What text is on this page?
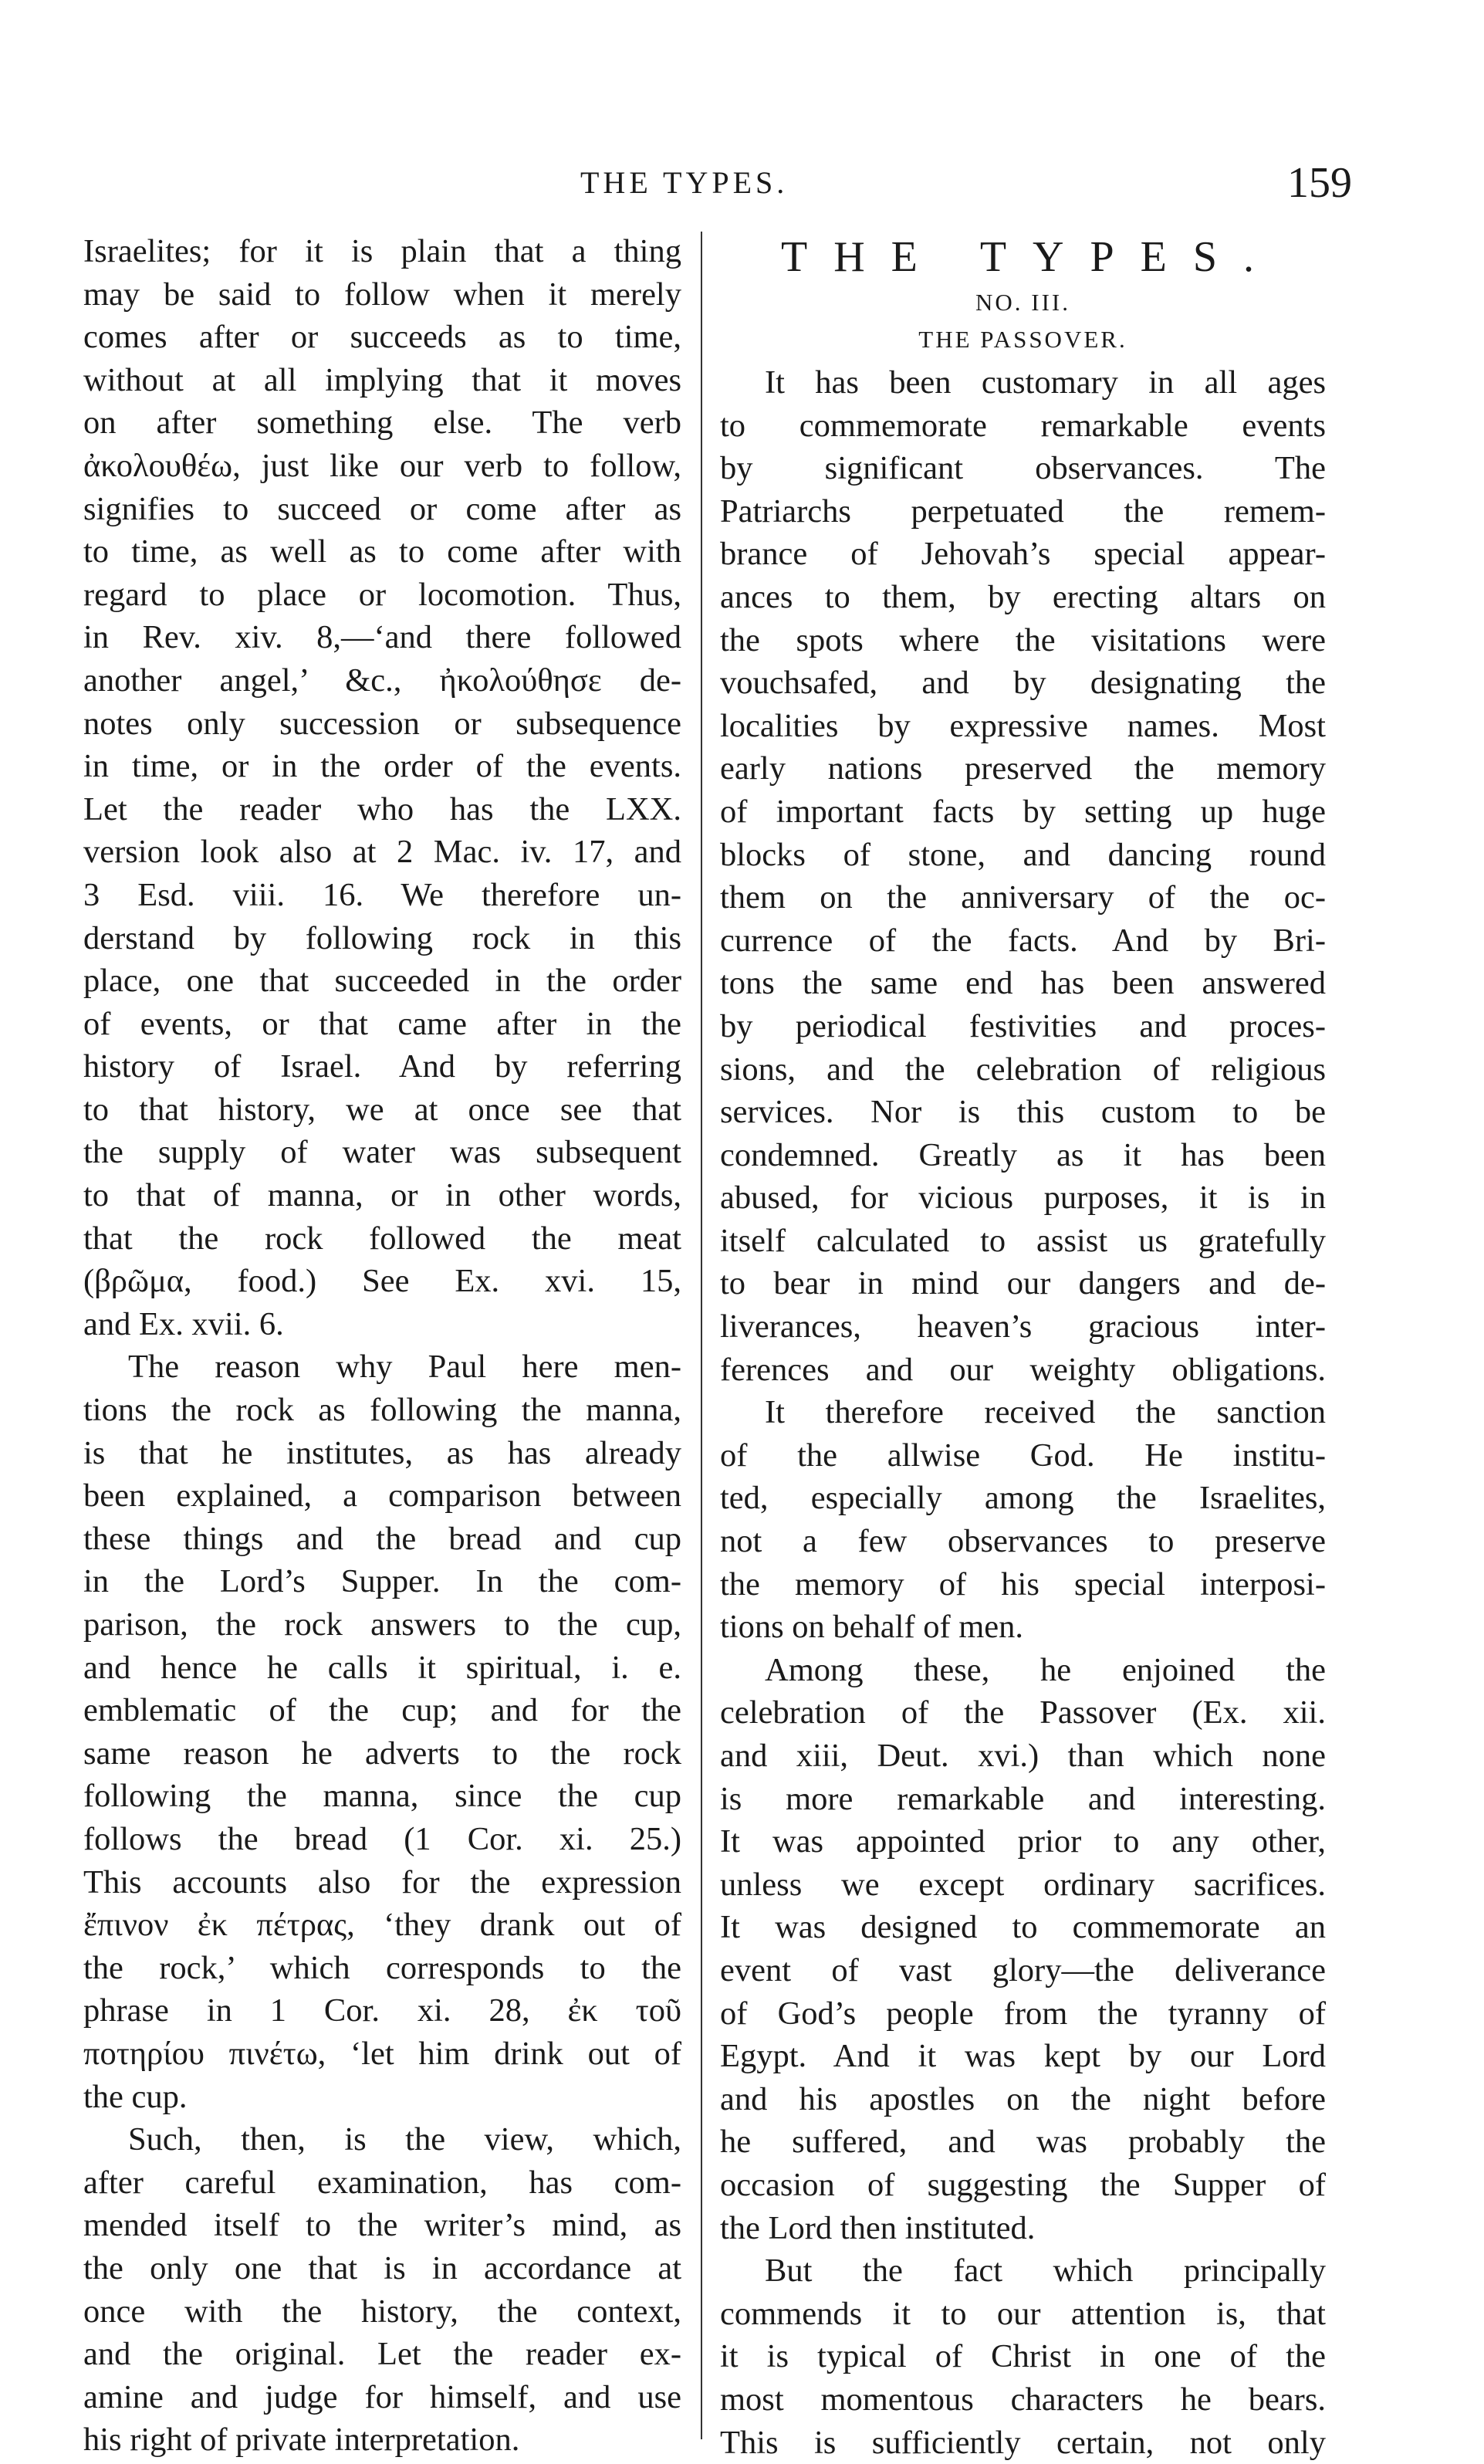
THE TYPES.	159
Israelites; for it is plain that a thing
may be said to follow when it merely
comes after or succeeds as to time,
without at all implying that it moves
on after something else. The verb
ἀκολουθέω, just like our verb to follow,
signifies to succeed or come after as
to time, as well as to come after with
regard to place or locomotion. Thus,
in Rev. xiv. 8,—‘and there followed
another angel,’ &c., ἠκολούθησε de-
notes only succession or subsequence
in time, or in the order of the events.
Let the reader who has the LXX.
version look also at 2 Mac. iv. 17, and
3 Esd. viii. 16. We therefore un-
derstand by following rock in this
place, one that succeeded in the order
of events, or that came after in the
history of Israel. And by referring
to that history, we at once see that
the supply of water was subsequent
to that of manna, or in other words,
that the rock followed the meat
(βρῶμα, food.) See Ex. xvi. 15,
and Ex. xvii. 6.
The reason why Paul here men-
tions the rock as following the manna,
is that he institutes, as has already
been explained, a comparison between
these things and the bread and cup
in the Lord’s Supper. In the com-
parison, the rock answers to the cup,
and hence he calls it spiritual, i. e.
emblematic of the cup; and for the
same reason he adverts to the rock
following the manna, since the cup
follows the bread (1 Cor. xi. 25.)
This accounts also for the expression
ἔπινον ἐκ πέτρας, ‘they drank out of
the rock,’ which corresponds to the
phrase in 1 Cor. xi. 28, ἐκ τοῦ
ποτηρίου πινέτω, ‘let him drink out of
the cup.
Such, then, is the view, which,
after careful examination, has com-
mended itself to the writer’s mind, as
the only one that is in accordance at
once with the history, the context,
and the original. Let the reader ex-
amine and judge for himself, and use
his right of private interpretation.
THE TYPES.
NO. III.
THE PASSOVER.
It has been customary in all ages
to commemorate remarkable events
by significant observances. The
Patriarchs perpetuated the remem-
brance of Jehovah’s special appear-
ances to them, by erecting altars on
the spots where the visitations were
vouchsafed, and by designating the
localities by expressive names. Most
early nations preserved the memory
of important facts by setting up huge
blocks of stone, and dancing round
them on the anniversary of the oc-
currence of the facts. And by Bri-
tons the same end has been answered
by periodical festivities and proces-
sions, and the celebration of religious
services. Nor is this custom to be
condemned. Greatly as it has been
abused, for vicious purposes, it is in
itself calculated to assist us gratefully
to bear in mind our dangers and de-
liverances, heaven’s gracious inter-
ferences and our weighty obligations.
It therefore received the sanction
of the allwise God. He institu-
ted, especially among the Israelites,
not a few observances to preserve
the memory of his special interposi-
tions on behalf of men.
Among these, he enjoined the
celebration of the Passover (Ex. xii.
and xiii, Deut. xvi.) than which none
is more remarkable and interesting.
It was appointed prior to any other,
unless we except ordinary sacrifices.
It was designed to commemorate an
event of vast glory—the deliverance
of God’s people from the tyranny of
Egypt. And it was kept by our Lord
and his apostles on the night before
he suffered, and was probably the
occasion of suggesting the Supper of
the Lord then instituted.
But the fact which principally
commends it to our attention is, that
it is typical of Christ in one of the
most momentous characters he bears.
This is sufficiently certain, not only
